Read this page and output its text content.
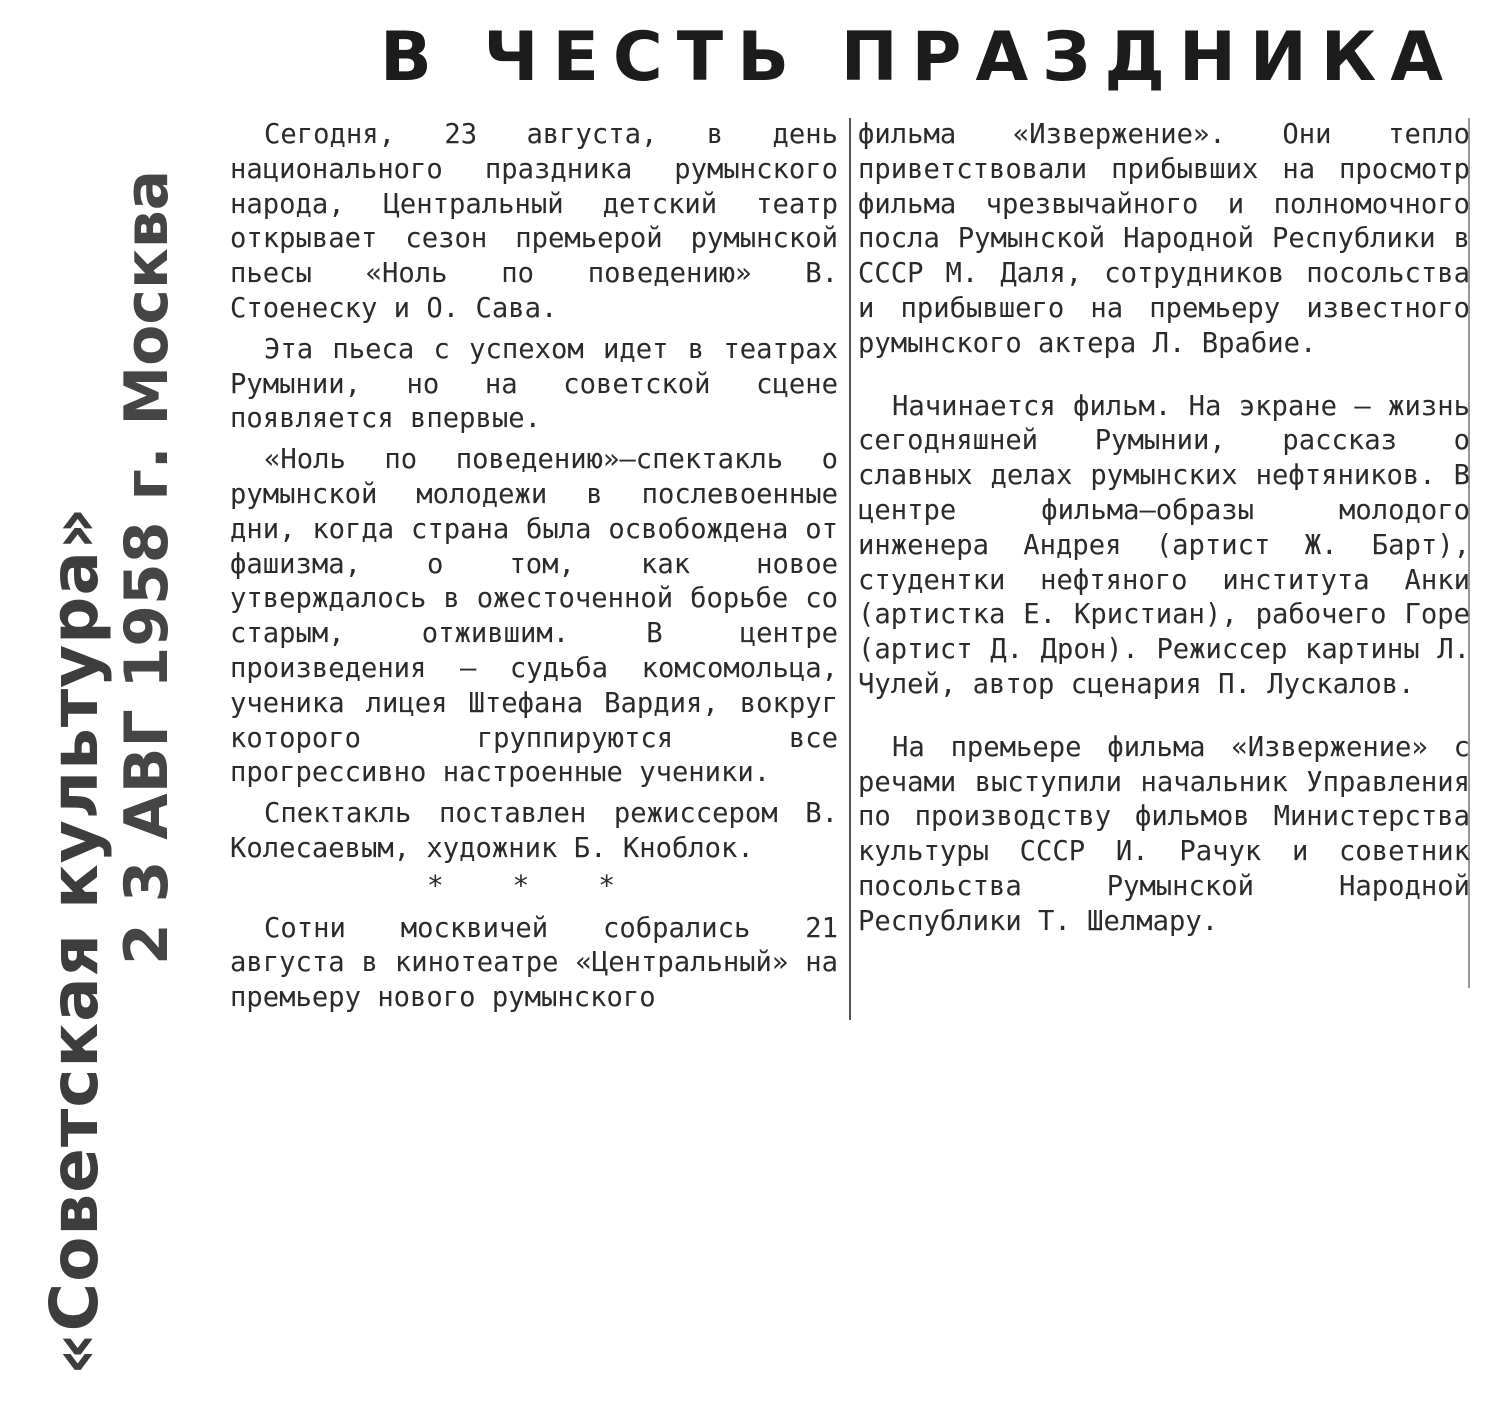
«Советская культура» 2 3 АВГ 1958 г. Москва
В ЧЕСТЬ ПРАЗДНИКА

Сегодня, 23 августа, в день национального праздника румынского народа, Центральный детский театр открывает сезон премьерой румынской пьесы «Ноль по поведению» В. Стоенеску и О. Сава.

Эта пьеса с успехом идет в театрах Румынии, но на советской сцене появляется впервые.

«Ноль по поведению»—спектакль о румынской молодежи в послевоенные дни, когда страна была освобождена от фашизма, о том, как новое утверждалось в ожесточенной борьбе со старым, отжившим. В центре произведения — судьба комсомольца, ученика лицея Штефана Вардия, вокруг которого группируются все прогрессивно настроенные ученики.

Спектакль поставлен режиссером В. Колесаевым, художник Б. Кноблок.

* * *

Сотни москвичей собрались 21 августа в кинотеатре «Центральный» на премьеру нового румынского

фильма «Извержение». Они тепло приветствовали прибывших на просмотр фильма чрезвычайного и полномочного посла Румынской Народной Республики в СССР М. Даля, сотрудников посольства и прибывшего на премьеру известного румынского актера Л. Врабие.

Начинается фильм. На экране — жизнь сегодняшней Румынии, рассказ о славных делах румынских нефтяников. В центре фильма—образы молодого инженера Андрея (артист Ж. Барт), студентки нефтяного института Анки (артистка Е. Кристиан), рабочего Горе (артист Д. Дрон). Режиссер картины Л. Чулей, автор сценария П. Лускалов.

На премьере фильма «Извержение» с речами выступили начальник Управления по производству фильмов Министерства культуры СССР И. Рачук и советник посольства Румынской Народной Республики Т. Шелмару.
